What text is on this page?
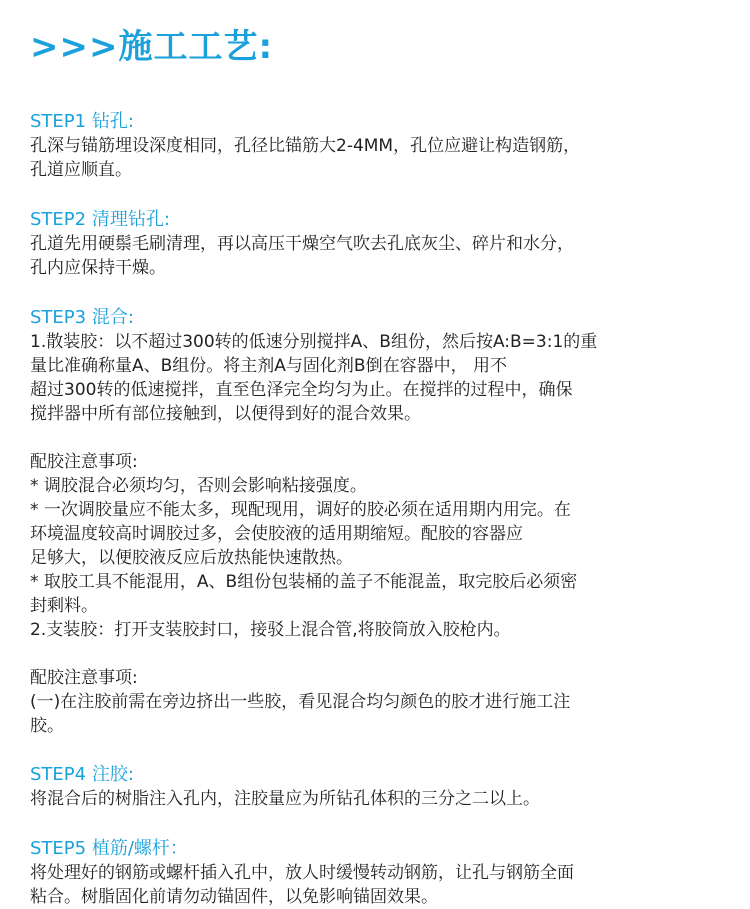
>>>施工工艺:
STEP1 钻孔:
孔深与锚筋埋设深度相同，孔径比锚筋大2-4MM，孔位应避让构造钢筋，
孔道应顺直。
STEP2 清理钻孔:
孔道先用硬鬃毛刷清理，再以高压干燥空气吹去孔底灰尘、碎片和水分，
孔内应保持干燥。
STEP3 混合:
1.散装胶：以不超过300转的低速分别搅拌A、B组份，然后按A:B=3:1的重
量比准确称量A、B组份。将主剂A与固化剂B倒在容器中， 用不
超过300转的低速搅拌，直至色泽完全均匀为止。在搅拌的过程中，确保
搅拌器中所有部位接触到，以便得到好的混合效果。
配胶注意事项:
* 调胶混合必须均匀，否则会影响粘接强度。
* 一次调胶量应不能太多，现配现用，调好的胶必须在适用期内用完。在
环境温度较高时调胶过多，会使胶液的适用期缩短。配胶的容器应
足够大，以便胶液反应后放热能快速散热。
* 取胶工具不能混用，A、B组份包装桶的盖子不能混盖，取完胶后必须密
封剩料。
2.支装胶：打开支装胶封口，接驳上混合管,将胶筒放入胶枪内。
配胶注意事项:
(一)在注胶前需在旁边挤出一些胶，看见混合均匀颜色的胶才进行施工注
胶。
STEP4 注胶:
将混合后的树脂注入孔内，注胶量应为所钻孔体积的三分之二以上。
STEP5 植筋/螺杆：
将处理好的钢筋或螺杆插入孔中，放人时缓慢转动钢筋，让孔与钢筋全面
粘合。树脂固化前请勿动锚固件，以免影响锚固效果。
